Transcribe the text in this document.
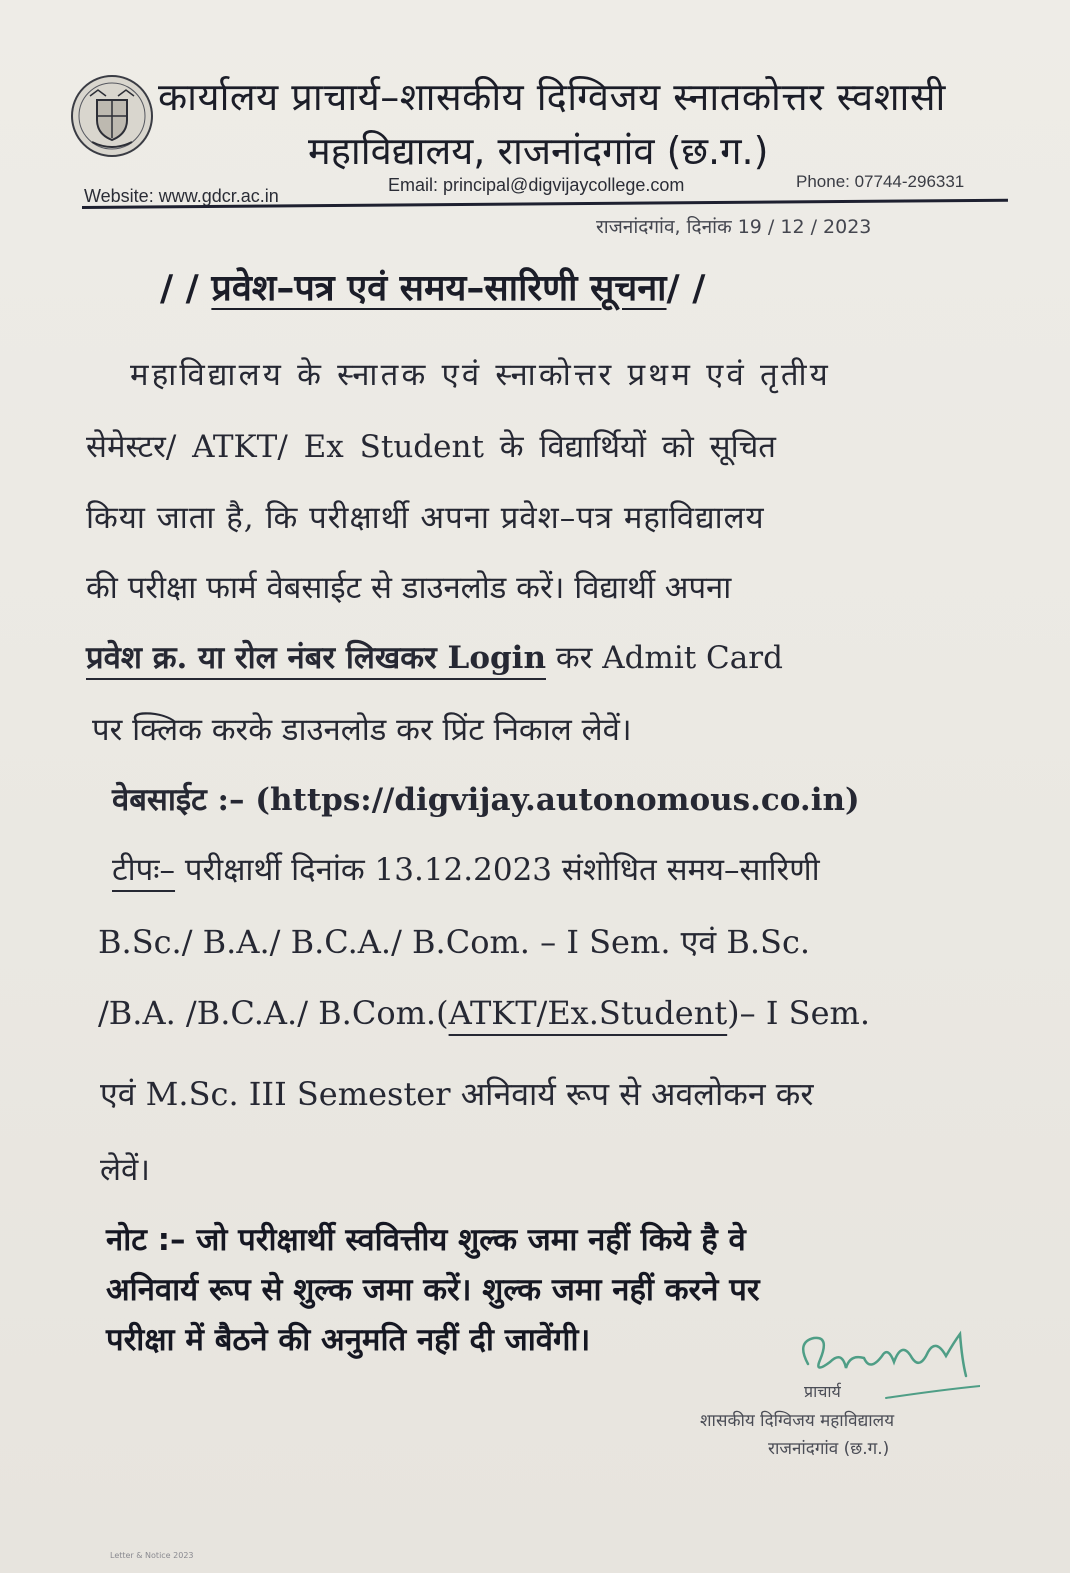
कार्यालय प्राचार्य–शासकीय दिग्विजय स्नातकोत्तर स्वशासी
महाविद्यालय, राजनांदगांव (छ.ग.)
Website: www.gdcr.ac.in
Email: principal@digvijaycollege.com	Phone: 07744-296331
राजनांदगांव, दिनांक 19 / 12 / 2023
/ / प्रवेश–पत्र एवं समय–सारिणी सूचना/ /
महाविद्यालय के स्नातक एवं स्नाकोत्तर प्रथम एवं तृतीय
सेमेस्टर/ ATKT/ Ex Student के विद्यार्थियों को सूचित
किया जाता है, कि परीक्षार्थी अपना प्रवेश–पत्र महाविद्यालय
की परीक्षा फार्म वेबसाईट से डाउनलोड करें। विद्यार्थी अपना
प्रवेश क्र. या रोल नंबर लिखकर Login कर Admit Card
पर क्लिक करके डाउनलोड कर प्रिंट निकाल लेवें।
वेबसाईट :– (https://digvijay.autonomous.co.in)
टीपः– परीक्षार्थी दिनांक 13.12.2023 संशोधित समय–सारिणी
B.Sc./ B.A./ B.C.A./ B.Com. – I Sem. एवं B.Sc.
/B.A. /B.C.A./ B.Com.(ATKT/Ex.Student)– I Sem.
एवं M.Sc. III Semester अनिवार्य रूप से अवलोकन कर
लेवें।
नोट :– जो परीक्षार्थी स्ववित्तीय शुल्क जमा नहीं किये है वे
अनिवार्य रूप से शुल्क जमा करें। शुल्क जमा नहीं करने पर
परीक्षा में बैठने की अनुमति नहीं दी जावेंगी।
प्राचार्य
शासकीय दिग्विजय महाविद्यालय
राजनांदगांव (छ.ग.)
Letter & Notice 2023
